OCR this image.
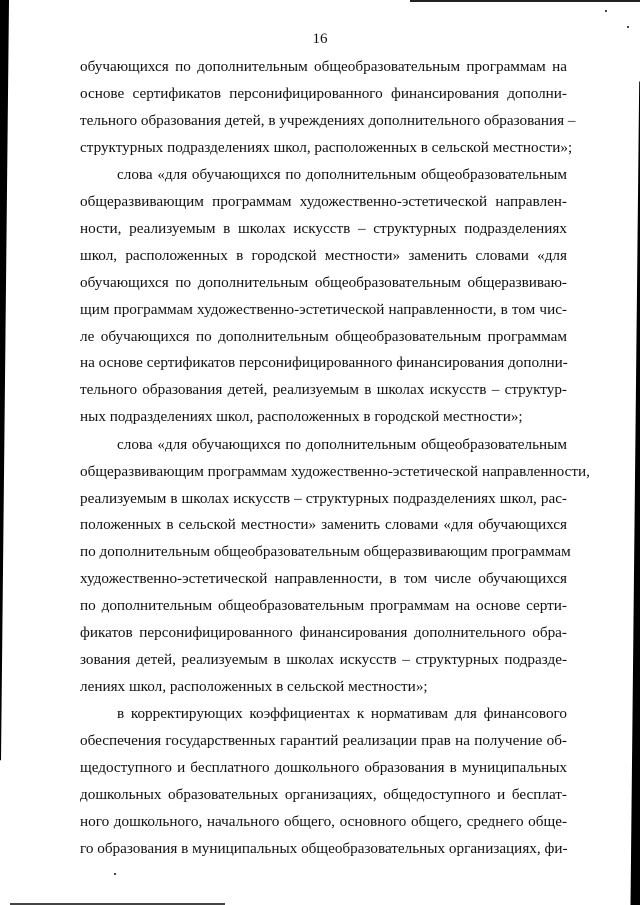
16
обучающихся по дополнительным общеобразовательным программам на
основе сертификатов персонифицированного финансирования дополни-
тельного образования детей, в учреждениях дополнительного образования –
структурных подразделениях школ, расположенных в сельской местности»;
слова «для обучающихся по дополнительным общеобразовательным
общеразвивающим программам художественно-эстетической направлен-
ности, реализуемым в школах искусств – структурных подразделениях
школ, расположенных в городской местности» заменить словами «для
обучающихся по дополнительным общеобразовательным общеразвиваю-
щим программам художественно-эстетической направленности, в том чис-
ле обучающихся по дополнительным общеобразовательным программам
на основе сертификатов персонифицированного финансирования дополни-
тельного образования детей, реализуемым в школах искусств – структур-
ных подразделениях школ, расположенных в городской местности»;
слова «для обучающихся по дополнительным общеобразовательным
общеразвивающим программам художественно-эстетической направленности,
реализуемым в школах искусств – структурных подразделениях школ, рас-
положенных в сельской местности» заменить словами «для обучающихся
по дополнительным общеобразовательным общеразвивающим программам
художественно-эстетической направленности, в том числе обучающихся
по дополнительным общеобразовательным программам на основе серти-
фикатов персонифицированного финансирования дополнительного обра-
зования детей, реализуемым в школах искусств – структурных подразде-
лениях школ, расположенных в сельской местности»;
в корректирующих коэффициентах к нормативам для финансового
обеспечения государственных гарантий реализации прав на получение об-
щедоступного и бесплатного дошкольного образования в муниципальных
дошкольных образовательных организациях, общедоступного и бесплат-
ного дошкольного, начального общего, основного общего, среднего обще-
го образования в муниципальных общеобразовательных организациях, фи-
